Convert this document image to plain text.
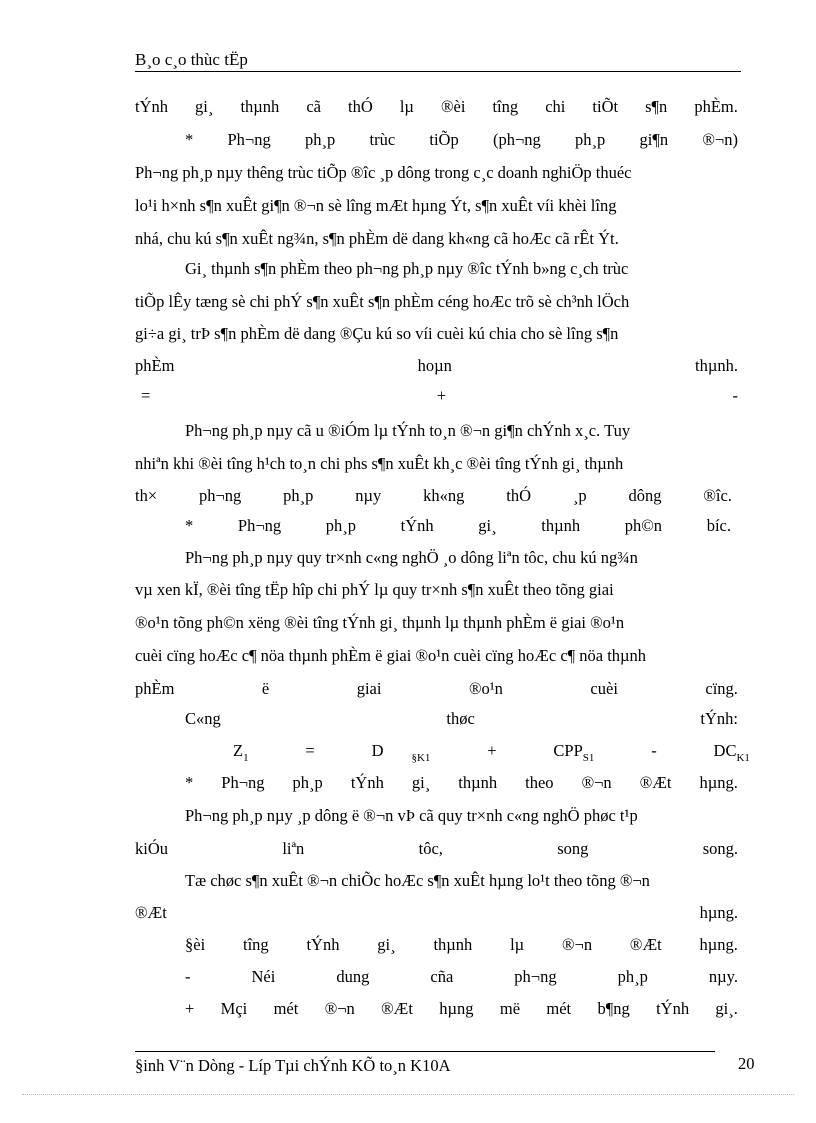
B¸o c¸o thùc tËp
tÝnh gi¸ thµnh cã thÓ lµ ®èi tîng chi tiÕt s¶n phÈm.
* Ph¬ng ph¸p trùc tiÕp (ph¬ng ph¸p gi¶n ®¬n)
Ph¬ng ph¸p nµy thêng trùc tiÕp ®îc ¸p dông trong c¸c doanh nghiÖp thuéc
lo¹i h×nh s¶n xuÊt gi¶n ®¬n sè lîng mÆt hµng Ýt, s¶n xuÊt víi khèi lîng
nhá, chu kú s¶n xuÊt ng¾n, s¶n phÈm dë dang kh«ng cã hoÆc cã rÊt Ýt.
Gi¸ thµnh s¶n phÈm theo ph¬ng ph¸p nµy ®îc tÝnh b»ng c¸ch trùc
tiÕp lÊy tæng sè chi phÝ s¶n xuÊt s¶n phÈm céng hoÆc trõ sè ch³nh lÖch
gi÷a gi¸ trÞ s¶n phÈm dë dang ®Çu kú so víi cuèi kú chia cho sè lîng s¶n
phÈm	hoµn	thµnh.
=	+	-
Ph¬ng ph¸p nµy cã u ®iÓm lµ tÝnh to¸n ®¬n gi¶n chÝnh x¸c. Tuy
nhiªn khi ®èi tîng h¹ch to¸n chi phs s¶n xuÊt kh¸c ®èi tîng tÝnh gi¸ thµnh
th×	ph¬ng	ph¸p	nµy	kh«ng	thÓ	¸p	dông	®îc.
*	Ph¬ng	ph¸p	tÝnh	gi¸	thµnh	ph©n	bíc.
Ph¬ng ph¸p nµy quy tr×nh c«ng nghÖ ¸o dông liªn tôc, chu kú ng¾n
vµ xen kÏ, ®èi tîng tËp hîp chi phÝ lµ quy tr×nh s¶n xuÊt theo tõng giai
®o¹n tõng ph©n xëng ®èi tîng tÝnh gi¸ thµnh lµ thµnh phÈm ë giai ®o¹n
cuèi cïng hoÆc c¶ nöa thµnh phÈm ë giai ®o¹n cuèi cïng hoÆc c¶ nöa thµnh
phÈm	ë	giai	®o¹n	cuèi	cïng.
C«ng	thøc	tÝnh:
$Z_1$	=	D	$_{\S K1}$	+	$CPP_{S1}$	-	$DC_{K1}$
* Ph¬ng ph¸p tÝnh gi¸ thµnh theo ®¬n ®Æt hµng.
Ph¬ng ph¸p nµy ¸p dông ë ®¬n vÞ cã quy tr×nh c«ng nghÖ phøc t¹p
kiÓu	liªn	tôc,	song	song.
Tæ chøc s¶n xuÊt ®¬n chiÕc hoÆc s¶n xuÊt hµng lo¹t theo tõng ®¬n
®Æt	hµng.
§èi tîng tÝnh gi¸ thµnh lµ ®¬n ®Æt hµng.
-	Néi	dung	cña	ph¬ng	ph¸p	nµy.
+ Mçi mét ®¬n ®Æt hµng më mét b¶ng tÝnh gi¸.
§inh V¨n Dòng - Líp Tµi chÝnh KÕ to¸n K10A	20
